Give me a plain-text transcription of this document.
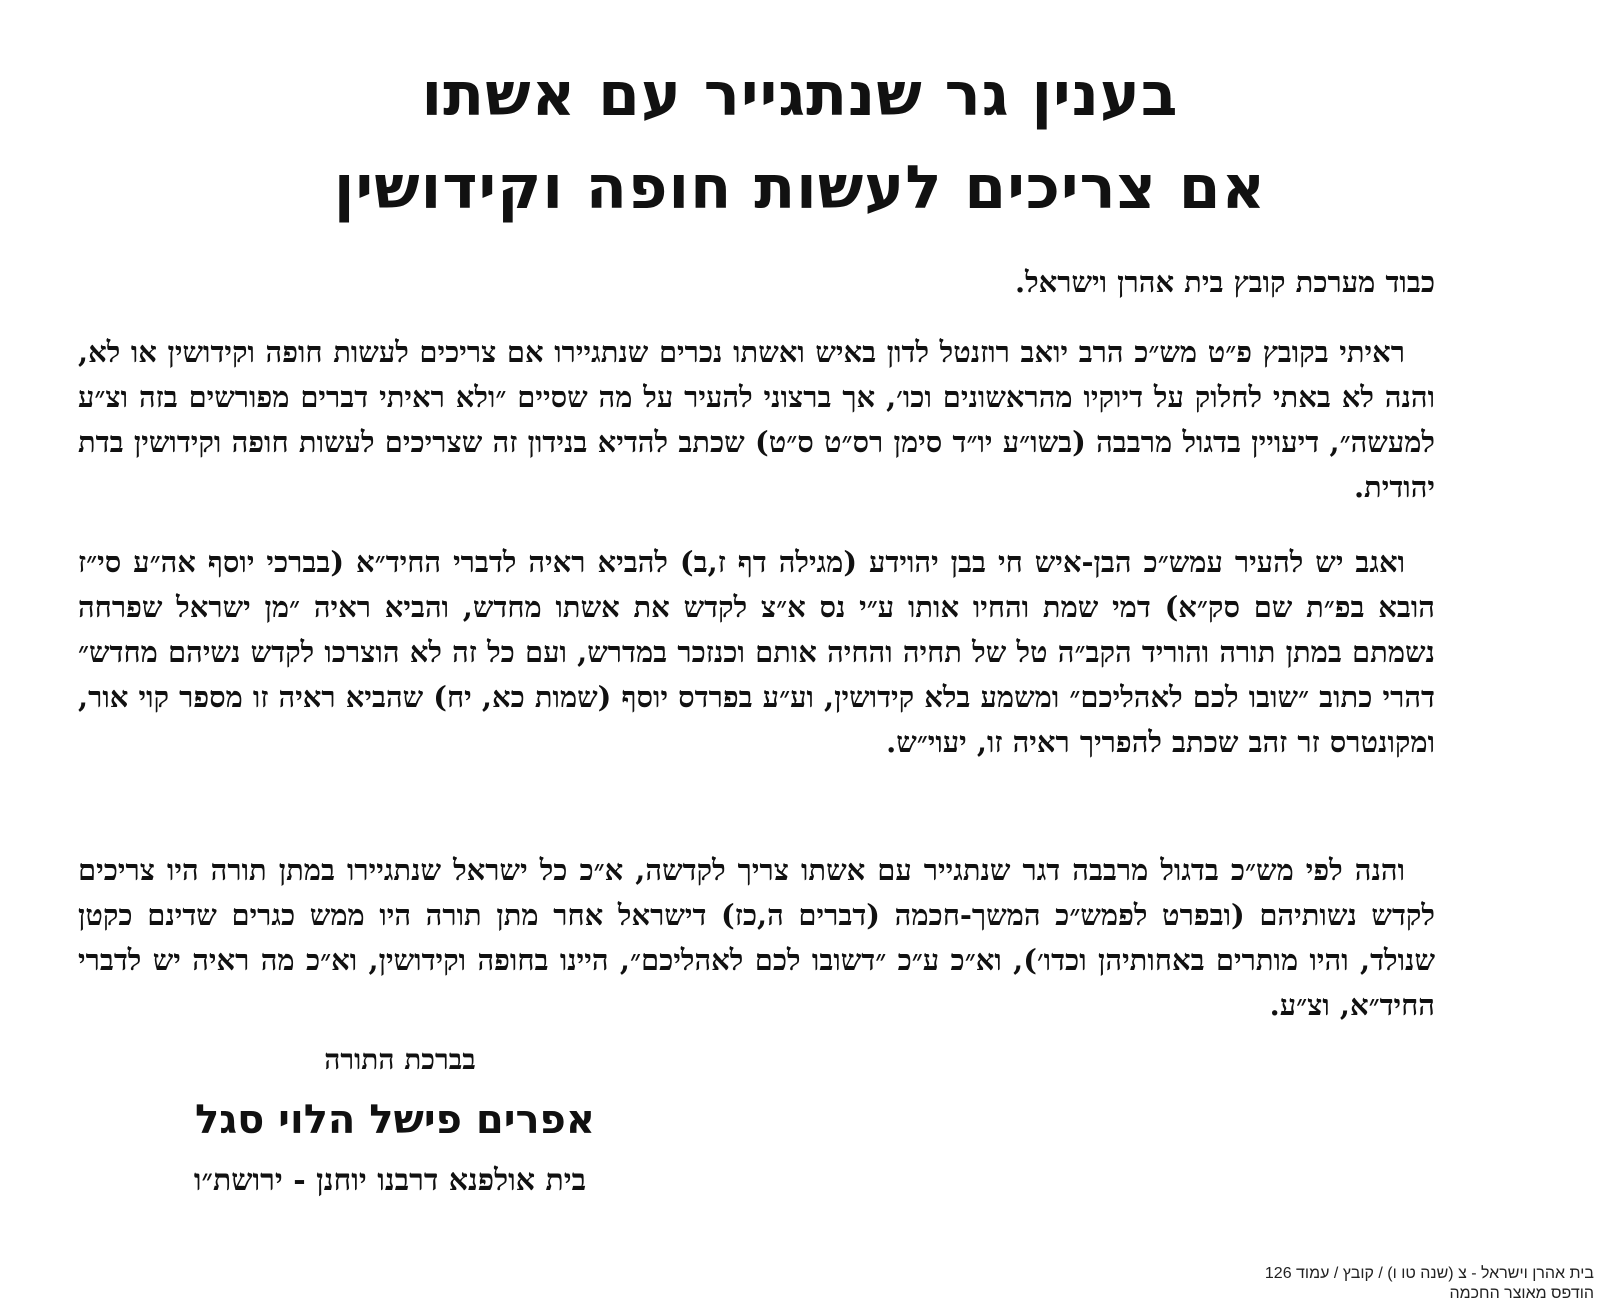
בענין גר שנתגייר עם אשתו
אם צריכים לעשות חופה וקידושין
כבוד מערכת קובץ בית אהרן וישראל.
ראיתי בקובץ פ״ט מש״כ הרב יואב רוזנטל לדון באיש ואשתו נכרים שנתגיירו אם צריכים לעשות חופה וקידושין או לא, והנה לא באתי לחלוק על דיוקיו מהראשונים וכו׳, אך ברצוני להעיר על מה שסיים ״ולא ראיתי דברים מפורשים בזה וצ״ע למעשה״, דיעויין בדגול מרבבה (בשו״ע יו״ד סימן רס״ט ס״ט) שכתב להדיא בנידון זה שצריכים לעשות חופה וקידושין בדת יהודית.
ואגב יש להעיר עמש״כ הבן-איש חי בבן יהוידע (מגילה דף ז,ב) להביא ראיה לדברי החיד״א (בברכי יוסף אה״ע סי״ז הובא בפ״ת שם סק״א) דמי שמת והחיו אותו ע״י נס א״צ לקדש את אשתו מחדש, והביא ראיה ״מן ישראל שפרחה נשמתם במתן תורה והוריד הקב״ה טל של תחיה והחיה אותם וכנזכר במדרש, ועם כל זה לא הוצרכו לקדש נשיהם מחדש״ דהרי כתוב ״שובו לכם לאהליכם״ ומשמע בלא קידושין, וע״ע בפרדס יוסף (שמות כא, יח) שהביא ראיה זו מספר קוי אור, ומקונטרס זר זהב שכתב להפריך ראיה זו, יעוי״ש.
והנה לפי מש״כ בדגול מרבבה דגר שנתגייר עם אשתו צריך לקדשה, א״כ כל ישראל שנתגיירו במתן תורה היו צריכים לקדש נשותיהם (ובפרט לפמש״כ המשך-חכמה (דברים ה,כז) דישראל אחר מתן תורה היו ממש כגרים שדינם כקטן שנולד, והיו מותרים באחותיהן וכדו׳), וא״כ ע״כ ״דשובו לכם לאהליכם״, היינו בחופה וקידושין, וא״כ מה ראיה יש לדברי החיד״א, וצ״ע.
בברכת התורה
אפרים פישל הלוי סגל
בית אולפנא דרבנו יוחנן - ירושת״ו
בית אהרן וישראל - צ (שנה טו ו) / קובץ / עמוד 126
הודפס מאוצר החכמה
